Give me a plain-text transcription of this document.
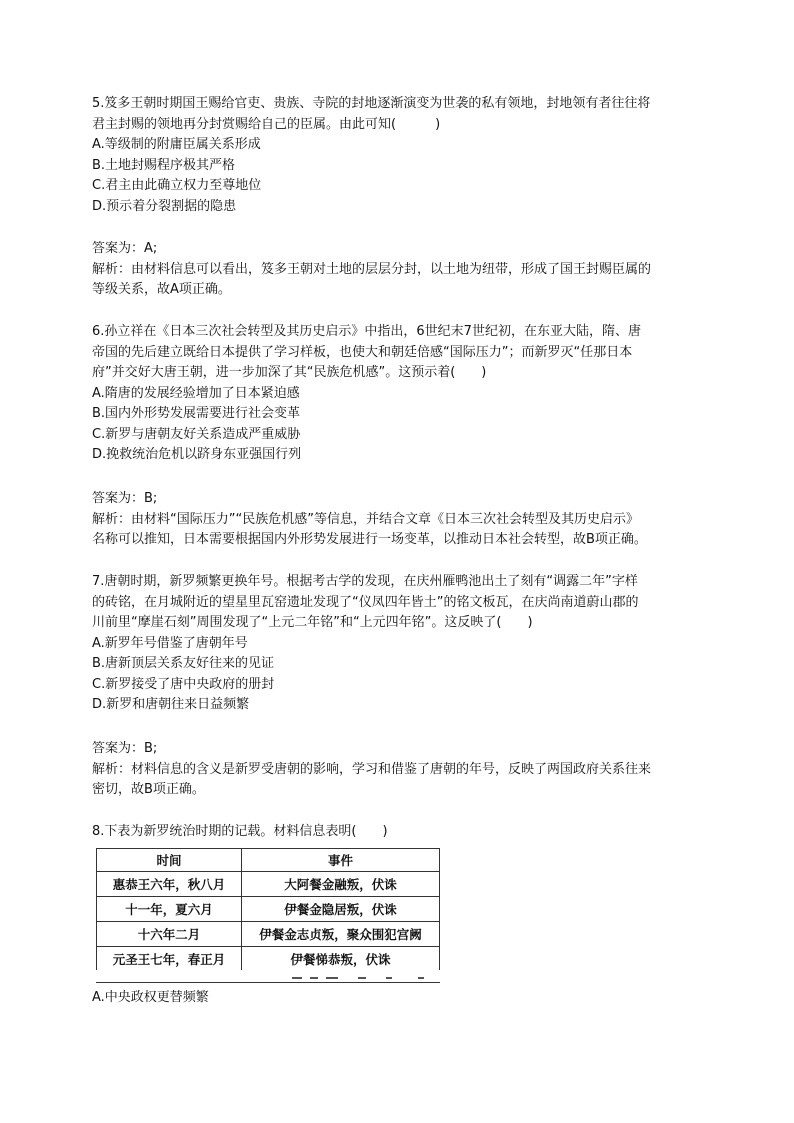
5.笈多王朝时期国王赐给官吏、贵族、寺院的封地逐渐演变为世袭的私有领地，封地领有者往往将
君主封赐的领地再分封赏赐给自己的臣属。由此可知(　　　)
A.等级制的附庸臣属关系形成
B.土地封赐程序极其严格
C.君主由此确立权力至尊地位
D.预示着分裂割据的隐患
答案为：A;
解析：由材料信息可以看出，笈多王朝对土地的层层分封，以土地为纽带，形成了国王封赐臣属的
等级关系，故A项正确。
6.孙立祥在《日本三次社会转型及其历史启示》中指出，6世纪末7世纪初，在东亚大陆，隋、唐
帝国的先后建立既给日本提供了学习样板，也使大和朝廷倍感“国际压力”；而新罗灭“任那日本
府”并交好大唐王朝，进一步加深了其“民族危机感”。这预示着(　　)
A.隋唐的发展经验增加了日本紧迫感
B.国内外形势发展需要进行社会变革
C.新罗与唐朝友好关系造成严重威胁
D.挽救统治危机以跻身东亚强国行列
答案为：B;
解析：由材料“国际压力”“民族危机感”等信息，并结合文章《日本三次社会转型及其历史启示》
名称可以推知，日本需要根据国内外形势发展进行一场变革，以推动日本社会转型，故B项正确。
7.唐朝时期，新罗频繁更换年号。根据考古学的发现，在庆州雁鸭池出土了刻有“调露二年”字样
的砖铭，在月城附近的望星里瓦窑遗址发现了“仪凤四年皆土”的铭文板瓦，在庆尚南道蔚山郡的
川前里“摩崖石刻”周围发现了“上元二年铭”和“上元四年铭”。这反映了(　　)
A.新罗年号借鉴了唐朝年号
B.唐新顶层关系友好往来的见证
C.新罗接受了唐中央政府的册封
D.新罗和唐朝往来日益频繁
答案为：B;
解析：材料信息的含义是新罗受唐朝的影响，学习和借鉴了唐朝的年号，反映了两国政府关系往来
密切，故B项正确。
8.下表为新罗统治时期的记载。材料信息表明(　　)
时间	事件
惠恭王六年，秋八月	大阿餐金融叛，伏诛
十一年，夏六月	伊餐金隐居叛，伏诛
十六年二月	伊餐金志贞叛，聚众围犯宫阙
元圣王七年，春正月	伊餐悌恭叛，伏诛
A.中央政权更替频繁
